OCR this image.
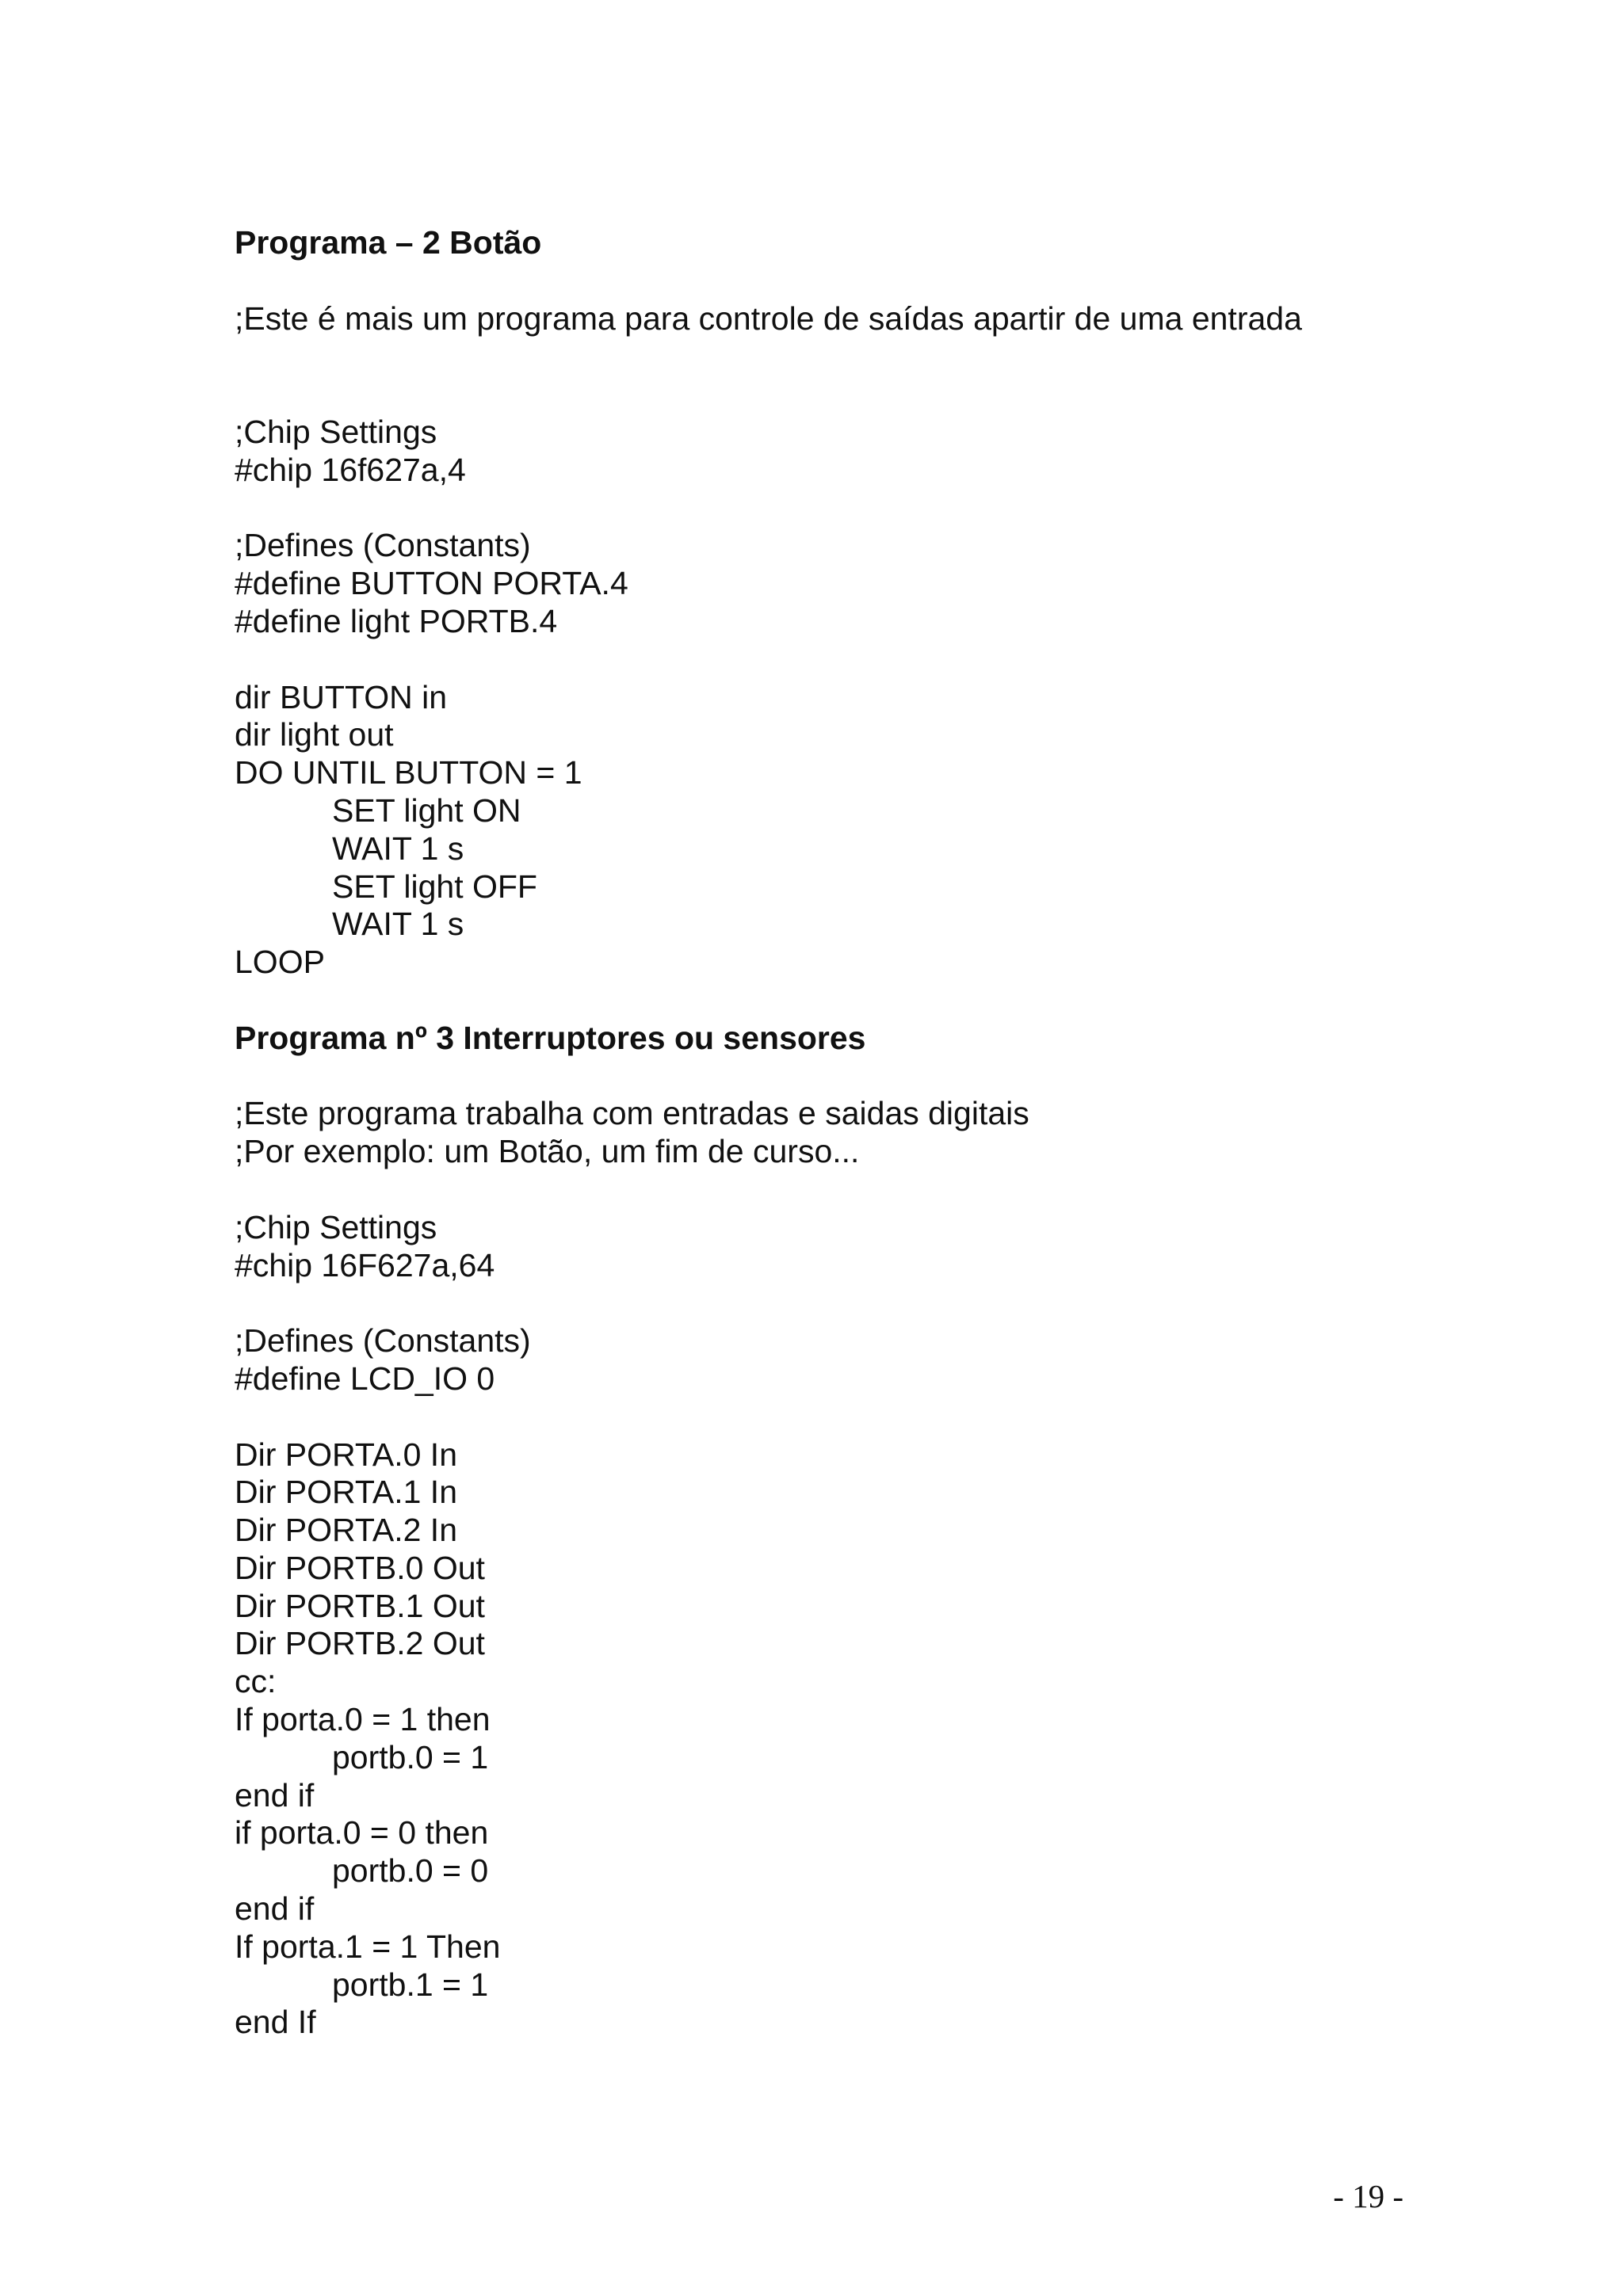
Programa – 2 Botão
;Este é mais um programa para controle de saídas apartir de uma entrada
;Chip Settings
#chip 16f627a,4
;Defines (Constants)
#define BUTTON PORTA.4
#define light PORTB.4
dir BUTTON in
dir light out
DO UNTIL BUTTON = 1
SET light ON
WAIT 1 s
SET light OFF
WAIT 1 s
LOOP
Programa nº 3 Interruptores ou sensores
;Este programa trabalha com entradas e saidas digitais
;Por exemplo: um Botão, um fim de curso...
;Chip Settings
#chip 16F627a,64
;Defines (Constants)
#define LCD_IO 0
Dir PORTA.0 In
Dir PORTA.1 In
Dir PORTA.2 In
Dir PORTB.0 Out
Dir PORTB.1 Out
Dir PORTB.2 Out
cc:
If porta.0 = 1 then
portb.0 = 1
end if
if porta.0 = 0 then
portb.0 = 0
end if
If porta.1 = 1 Then
portb.1 = 1
end If
- 19 -
